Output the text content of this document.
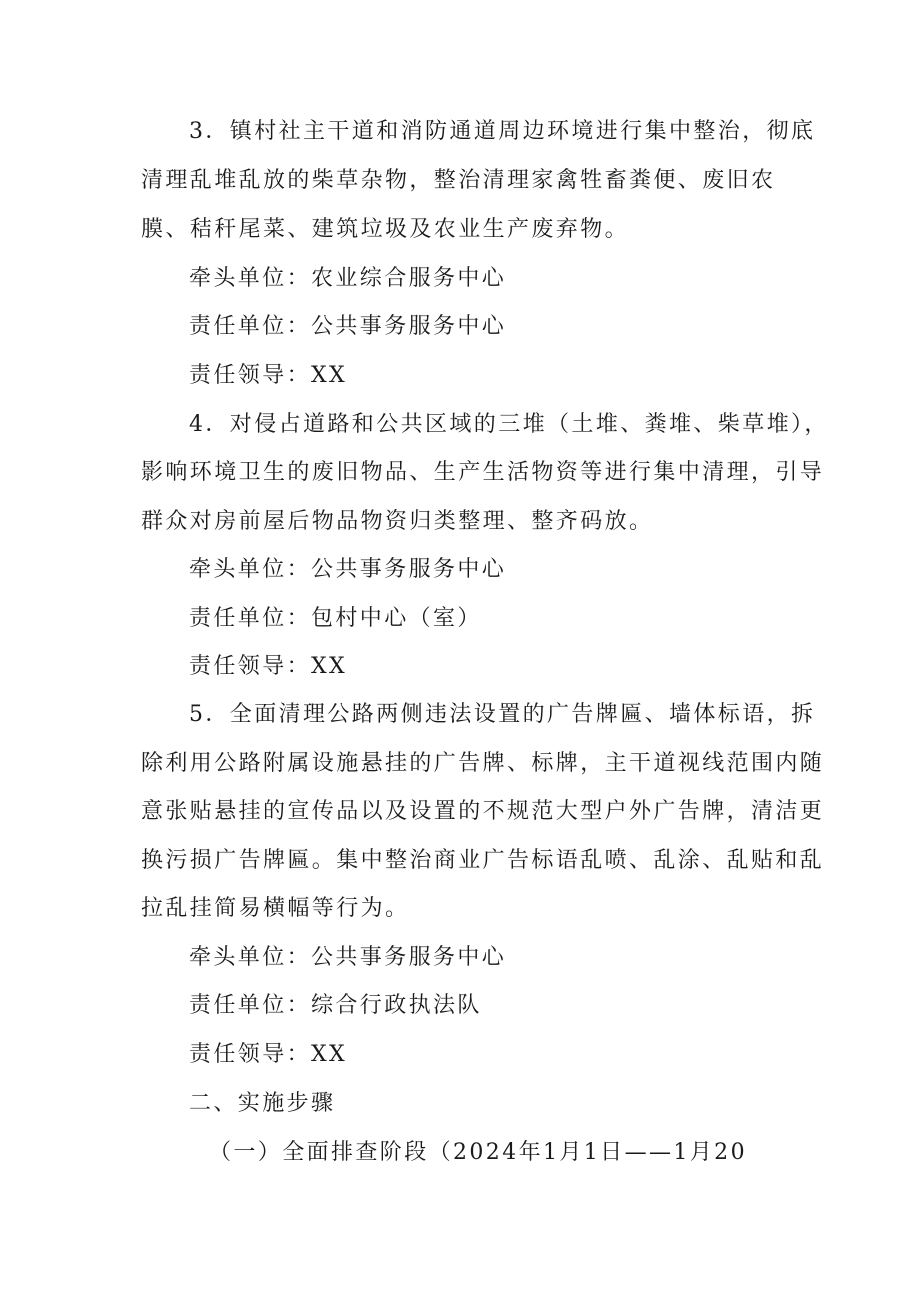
3．镇村社主干道和消防通道周边环境进行集中整治，彻底
清理乱堆乱放的柴草杂物，整治清理家禽牲畜粪便、废旧农
膜、秸秆尾菜、建筑垃圾及农业生产废弃物。
牵头单位：农业综合服务中心
责任单位：公共事务服务中心
责任领导：XX
4．对侵占道路和公共区域的三堆（土堆、粪堆、柴草堆），
影响环境卫生的废旧物品、生产生活物资等进行集中清理，引导
群众对房前屋后物品物资归类整理、整齐码放。
牵头单位：公共事务服务中心
责任单位：包村中心（室）
责任领导：XX
5．全面清理公路两侧违法设置的广告牌匾、墙体标语，拆
除利用公路附属设施悬挂的广告牌、标牌，主干道视线范围内随
意张贴悬挂的宣传品以及设置的不规范大型户外广告牌，清洁更
换污损广告牌匾。集中整治商业广告标语乱喷、乱涂、乱贴和乱
拉乱挂简易横幅等行为。
牵头单位：公共事务服务中心
责任单位：综合行政执法队
责任领导：XX
二、实施步骤
（一）全面排查阶段（2024年1月1日——1月20
